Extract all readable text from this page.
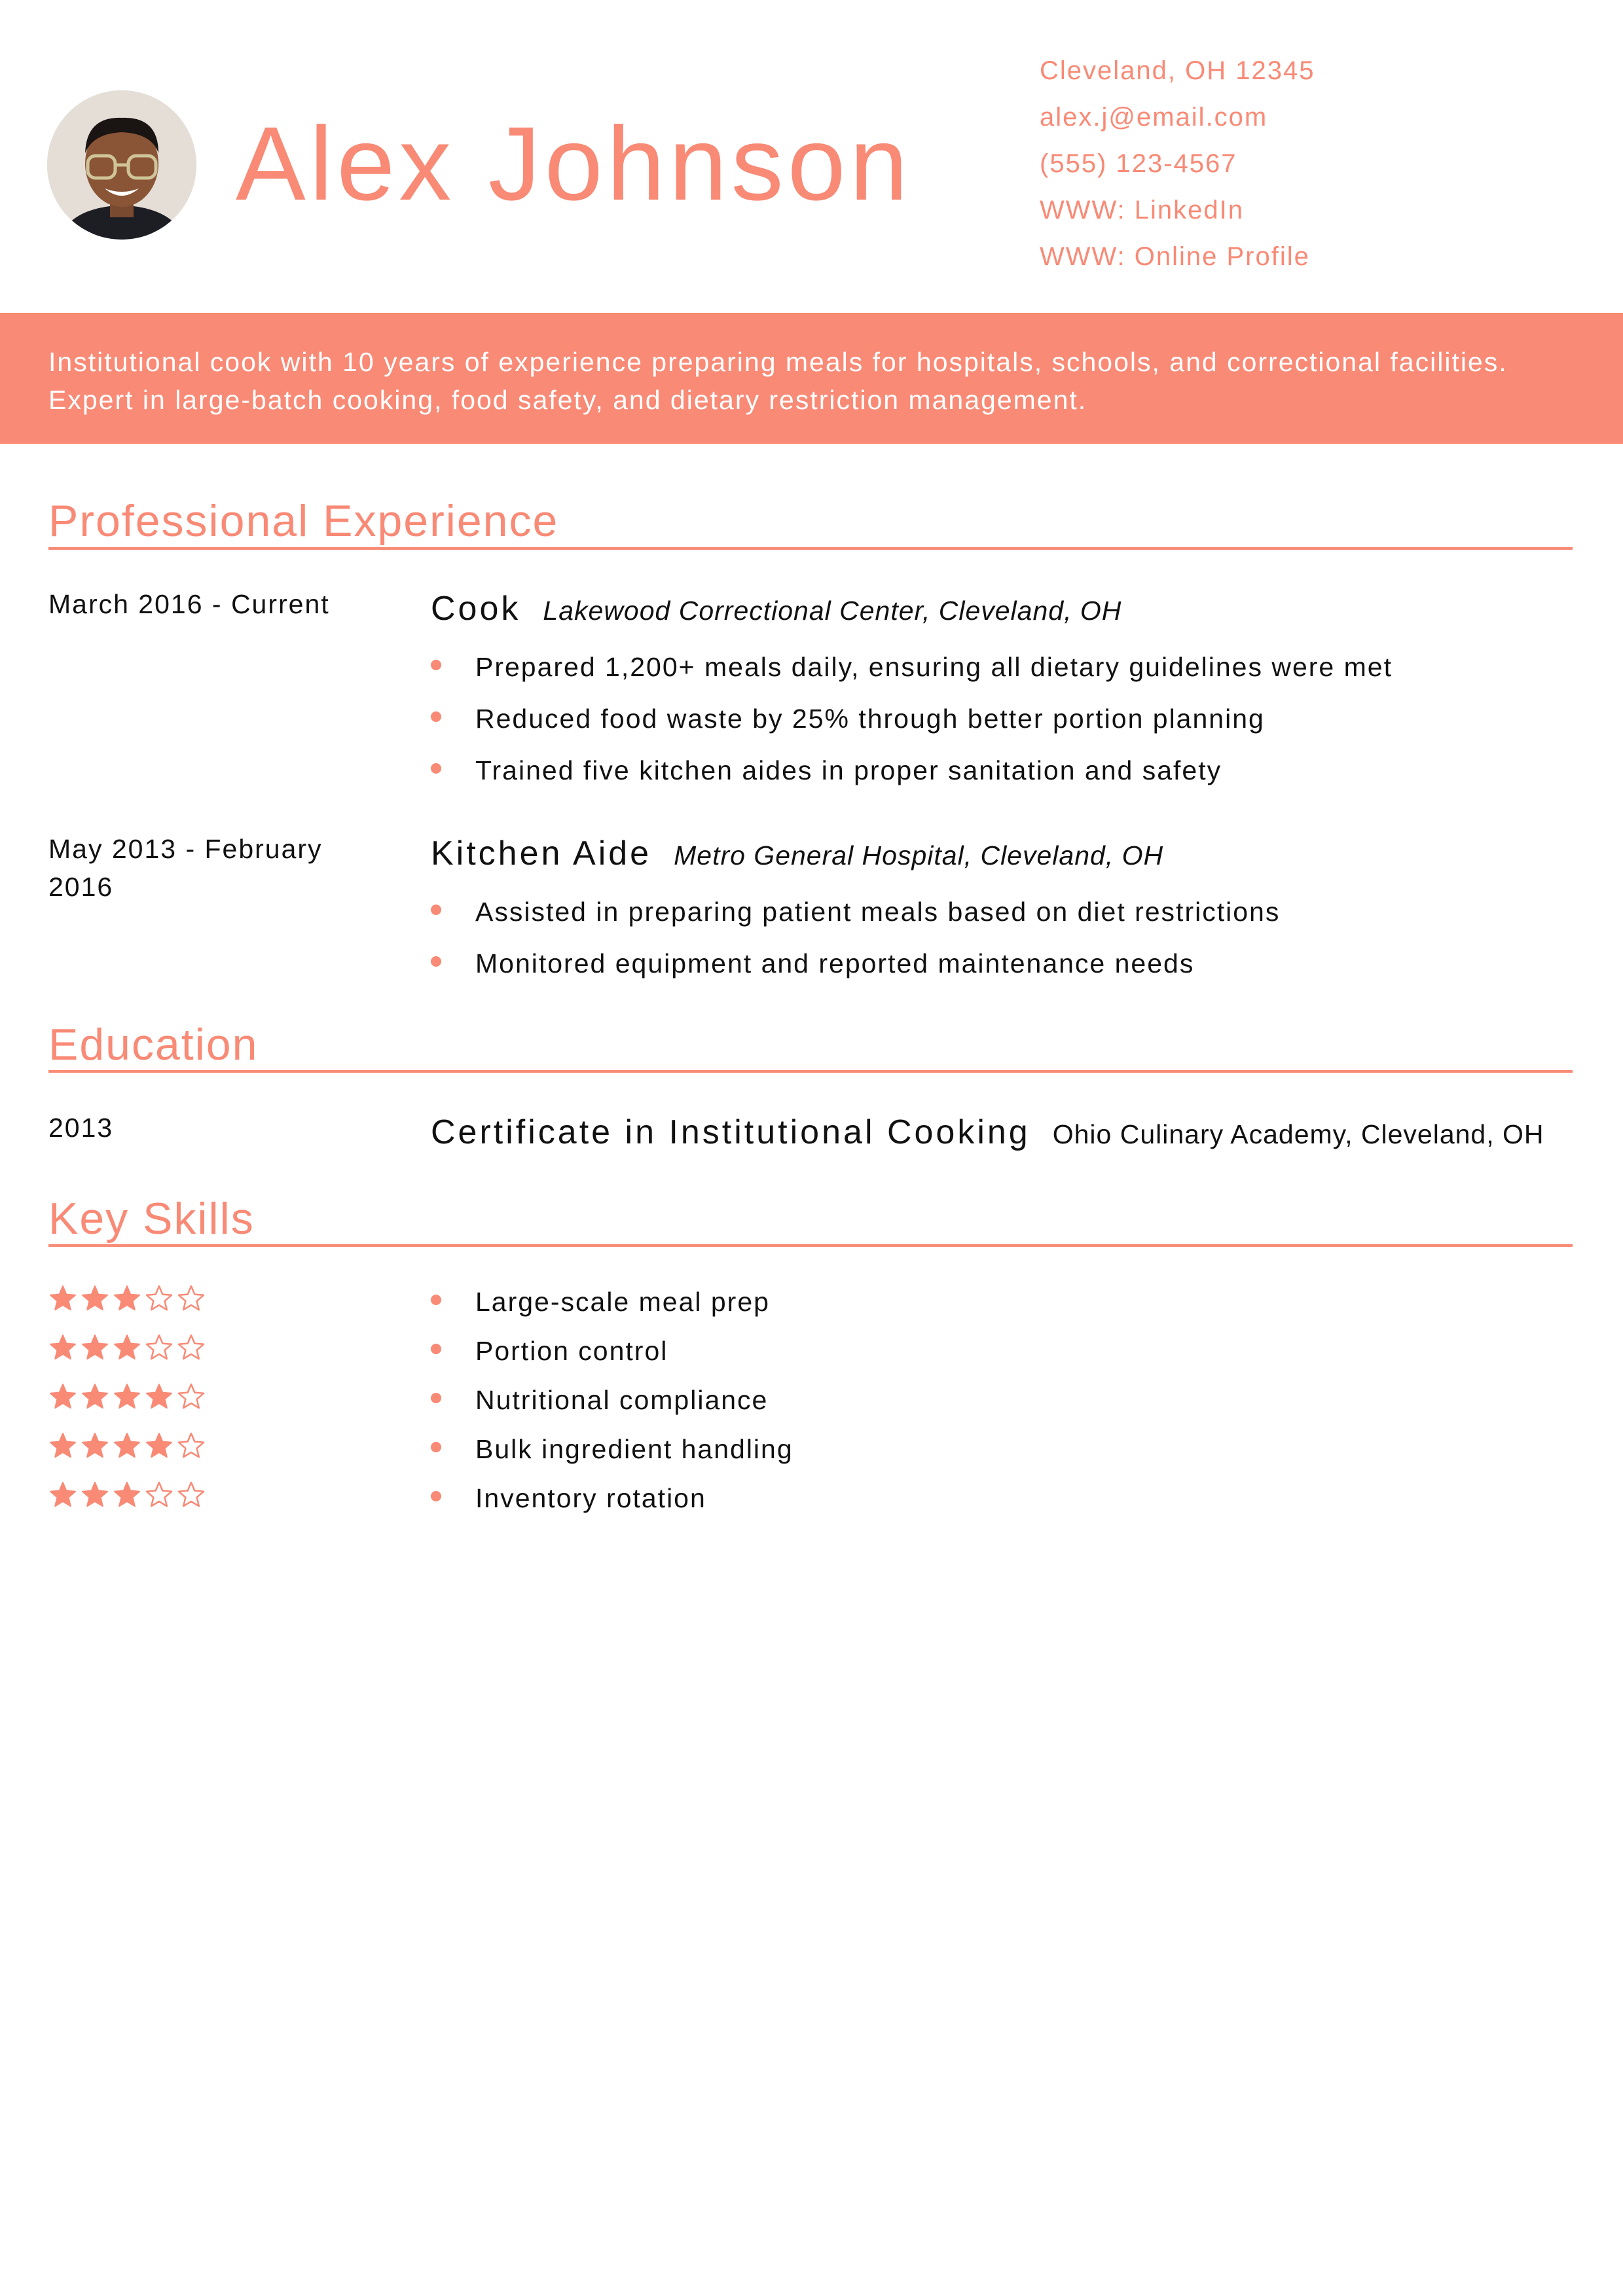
Alex Johnson
Cleveland, OH 12345
alex.j@email.com
(555) 123-4567
WWW: LinkedIn
WWW: Online Profile
Institutional cook with 10 years of experience preparing meals for hospitals, schools, and correctional facilities. Expert in large-batch cooking, food safety, and dietary restriction management.
Professional Experience
March 2016 - Current	Cook Lakewood Correctional Center, Cleveland, OH
Prepared 1,200+ meals daily, ensuring all dietary guidelines were met
Reduced food waste by 25% through better portion planning
Trained five kitchen aides in proper sanitation and safety
May 2013 - February 2016
Kitchen Aide Metro General Hospital, Cleveland, OH
Assisted in preparing patient meals based on diet restrictions
Monitored equipment and reported maintenance needs
Education
2013	Certificate in Institutional Cooking Ohio Culinary Academy, Cleveland, OH
Key Skills
Large-scale meal prep
Portion control
Nutritional compliance
Bulk ingredient handling
Inventory rotation
